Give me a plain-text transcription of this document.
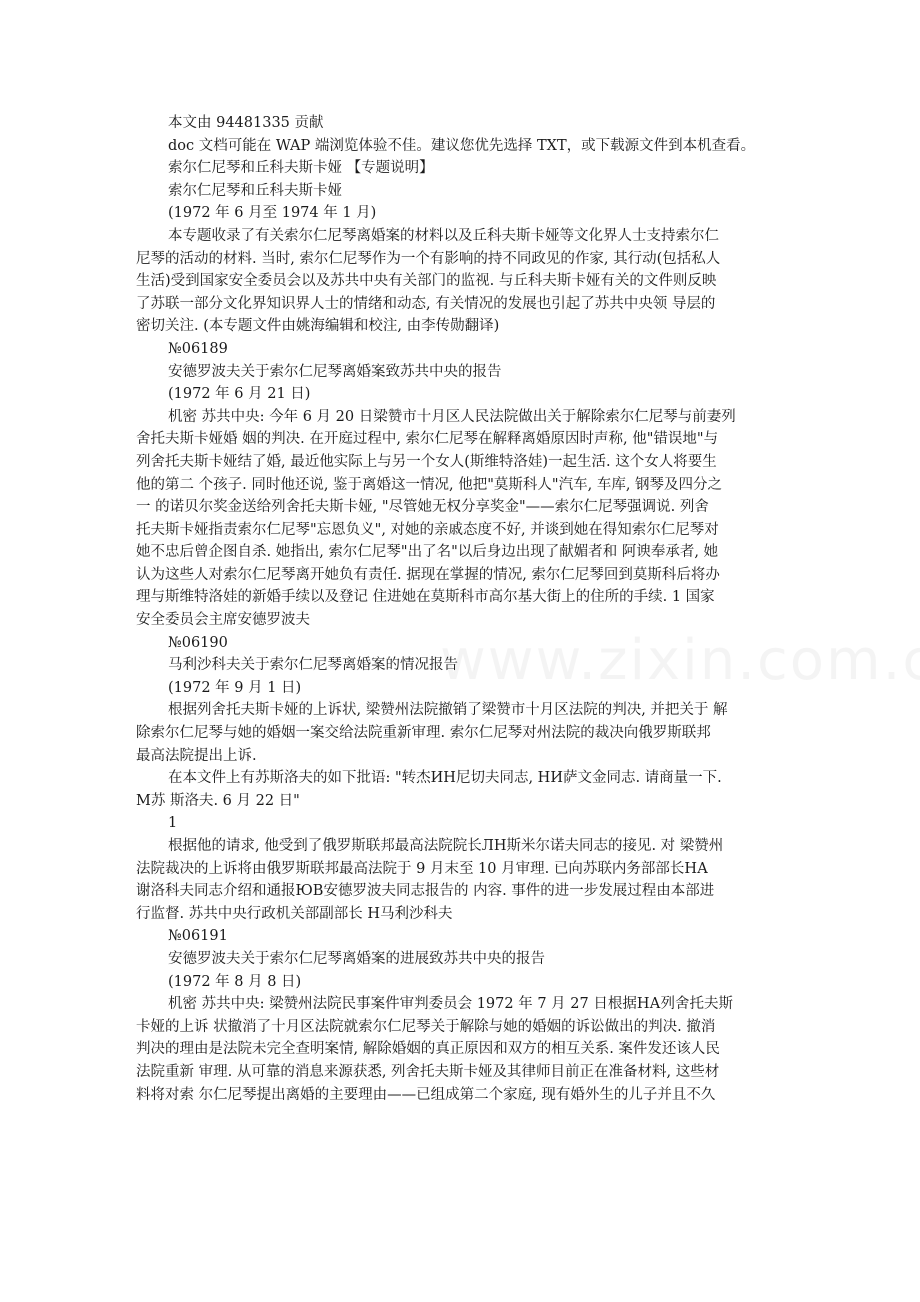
本文由 94481335 贡献
doc 文档可能在 WAP 端浏览体验不佳。建议您优先选择 TXT，或下载源文件到本机查看。
索尔仁尼琴和丘科夫斯卡娅 【专题说明】
索尔仁尼琴和丘科夫斯卡娅
(1972 年 6 月至 1974 年 1 月)
本专题收录了有关索尔仁尼琴离婚案的材料以及丘科夫斯卡娅等文化界人士支持索尔仁
尼琴的活动的材料. 当时, 索尔仁尼琴作为一个有影响的持不同政见的作家, 其行动(包括私人
生活)受到国家安全委员会以及苏共中央有关部门的监视. 与丘科夫斯卡娅有关的文件则反映
了苏联一部分文化界知识界人士的情绪和动态, 有关情况的发展也引起了苏共中央领 导层的
密切关注. (本专题文件由姚海编辑和校注, 由李传勋翻译)
№06189
安德罗波夫关于索尔仁尼琴离婚案致苏共中央的报告
(1972 年 6 月 21 日)
机密 苏共中央: 今年 6 月 20 日梁赞市十月区人民法院做出关于解除索尔仁尼琴与前妻列
舍托夫斯卡娅婚 姻的判决. 在开庭过程中, 索尔仁尼琴在解释离婚原因时声称, 他"错误地"与
列舍托夫斯卡娅结了婚, 最近他实际上与另一个女人(斯维特洛娃)一起生活. 这个女人将要生
他的第二 个孩子. 同时他还说, 鉴于离婚这一情况, 他把"莫斯科人"汽车, 车库, 钢琴及四分之
一 的诺贝尔奖金送给列舍托夫斯卡娅, "尽管她无权分享奖金"——索尔仁尼琴强调说. 列舍
托夫斯卡娅指责索尔仁尼琴"忘恩负义", 对她的亲戚态度不好, 并谈到她在得知索尔仁尼琴对
她不忠后曾企图自杀. 她指出, 索尔仁尼琴"出了名"以后身边出现了献媚者和 阿谀奉承者, 她
认为这些人对索尔仁尼琴离开她负有责任. 据现在掌握的情况, 索尔仁尼琴回到莫斯科后将办
理与斯维特洛娃的新婚手续以及登记 住进她在莫斯科市高尔基大街上的住所的手续. 1 国家
安全委员会主席安德罗波夫
№06190
马利沙科夫关于索尔仁尼琴离婚案的情况报告
(1972 年 9 月 1 日)
根据列舍托夫斯卡娅的上诉状, 梁赞州法院撤销了梁赞市十月区法院的判决, 并把关于 解
除索尔仁尼琴与她的婚姻一案交给法院重新审理. 索尔仁尼琴对州法院的裁决向俄罗斯联邦
最高法院提出上诉.
在本文件上有苏斯洛夫的如下批语: "转杰ИН尼切夫同志, НИ萨文金同志. 请商量一下.
М苏 斯洛夫. 6 月 22 日"
1
根据他的请求, 他受到了俄罗斯联邦最高法院院长ЛН斯米尔诺夫同志的接见. 对 梁赞州
法院裁决的上诉将由俄罗斯联邦最高法院于 9 月末至 10 月审理. 已向苏联内务部部长НА
谢洛科夫同志介绍和通报ЮВ安德罗波夫同志报告的 内容. 事件的进一步发展过程由本部进
行监督. 苏共中央行政机关部副部长 Н马利沙科夫
№06191
安德罗波夫关于索尔仁尼琴离婚案的进展致苏共中央的报告
(1972 年 8 月 8 日)
机密 苏共中央: 梁赞州法院民事案件审判委员会 1972 年 7 月 27 日根据НА列舍托夫斯
卡娅的上诉 状撤消了十月区法院就索尔仁尼琴关于解除与她的婚姻的诉讼做出的判决. 撤消
判决的理由是法院未完全查明案情, 解除婚姻的真正原因和双方的相互关系. 案件发还该人民
法院重新 审理. 从可靠的消息来源获悉, 列舍托夫斯卡娅及其律师目前正在准备材料, 这些材
料将对索 尔仁尼琴提出离婚的主要理由——已组成第二个家庭, 现有婚外生的儿子并且不久
